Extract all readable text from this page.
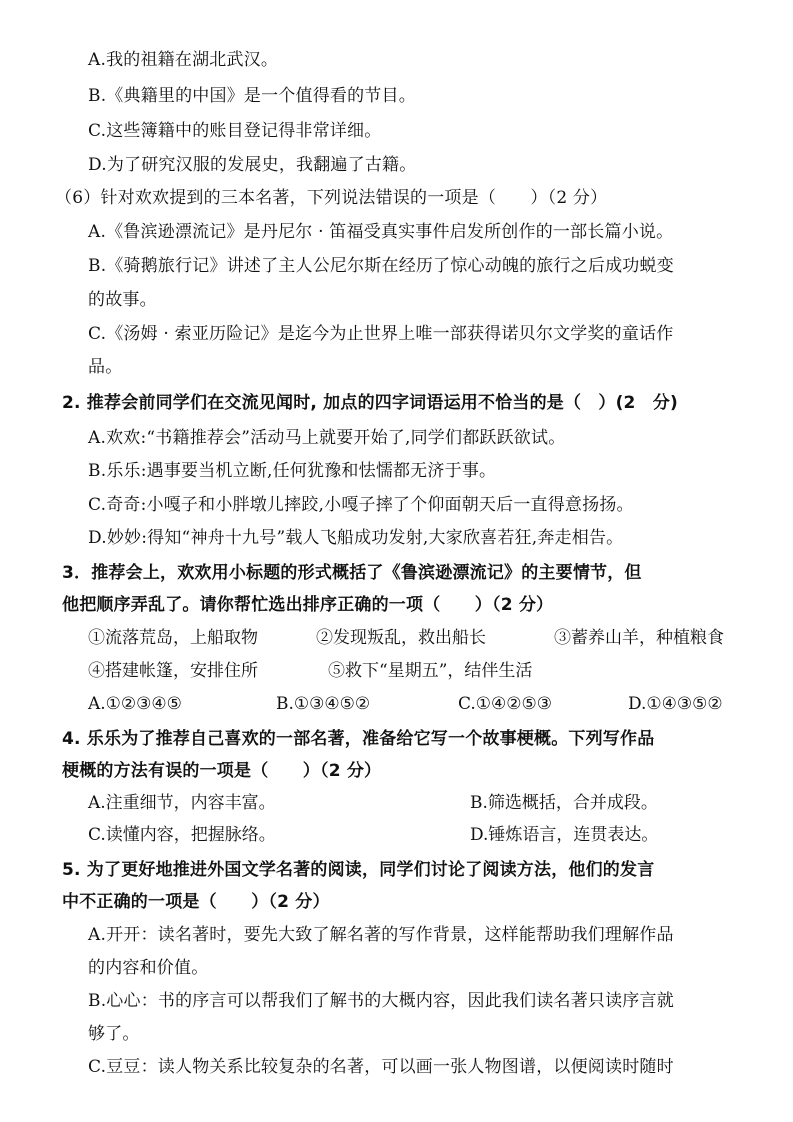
A.我的祖籍在湖北武汉。
B.《典籍里的中国》是一个值得看的节目。
C.这些簿籍中的账目登记得非常详细。
D.为了研究汉服的发展史，我翻遍了古籍。
（6）针对欢欢提到的三本名著，下列说法错误的一项是（　　）（2 分）
A.《鲁滨逊漂流记》是丹尼尔 · 笛福受真实事件启发所创作的一部长篇小说。
B.《骑鹅旅行记》讲述了主人公尼尔斯在经历了惊心动魄的旅行之后成功蜕变
的故事。
C.《汤姆 · 索亚历险记》是迄今为止世界上唯一部获得诺贝尔文学奖的童话作
品。
2. 推荐会前同学们在交流见闻时, 加点的四字词语运用不恰当的是（　）(2　分)
A.欢欢:“书籍推荐会”活动马上就要开始了,同学们都跃跃欲试。
B.乐乐:遇事要当机立断,任何犹豫和怯懦都无济于事。
C.奇奇:小嘎子和小胖墩儿摔跤,小嘎子摔了个仰面朝天后一直得意扬扬。
D.妙妙:得知“神舟十九号”载人飞船成功发射,大家欣喜若狂,奔走相告。
3．推荐会上，欢欢用小标题的形式概括了《鲁滨逊漂流记》的主要情节，但
他把顺序弄乱了。请你帮忙选出排序正确的一项（　　）（2 分）
①流落荒岛，上船取物	②发现叛乱，救出船长	③蓄养山羊，种植粮食
④搭建帐篷，安排住所	⑤救下“星期五”，结伴生活
A.①②③④⑤	B.①③④⑤②	C.①④②⑤③	D.①④③⑤②
4. 乐乐为了推荐自己喜欢的一部名著，准备给它写一个故事梗概。下列写作品
梗概的方法有误的一项是（　　）（2 分）
A.注重细节，内容丰富。	B.筛选概括，合并成段。
C.读懂内容，把握脉络。	D.锤炼语言，连贯表达。
5. 为了更好地推进外国文学名著的阅读，同学们讨论了阅读方法，他们的发言
中不正确的一项是（　　）（2 分）
A.开开：读名著时，要先大致了解名著的写作背景，这样能帮助我们理解作品
的内容和价值。
B.心心：书的序言可以帮我们了解书的大概内容，因此我们读名著只读序言就
够了。
C.豆豆：读人物关系比较复杂的名著，可以画一张人物图谱，以便阅读时随时
